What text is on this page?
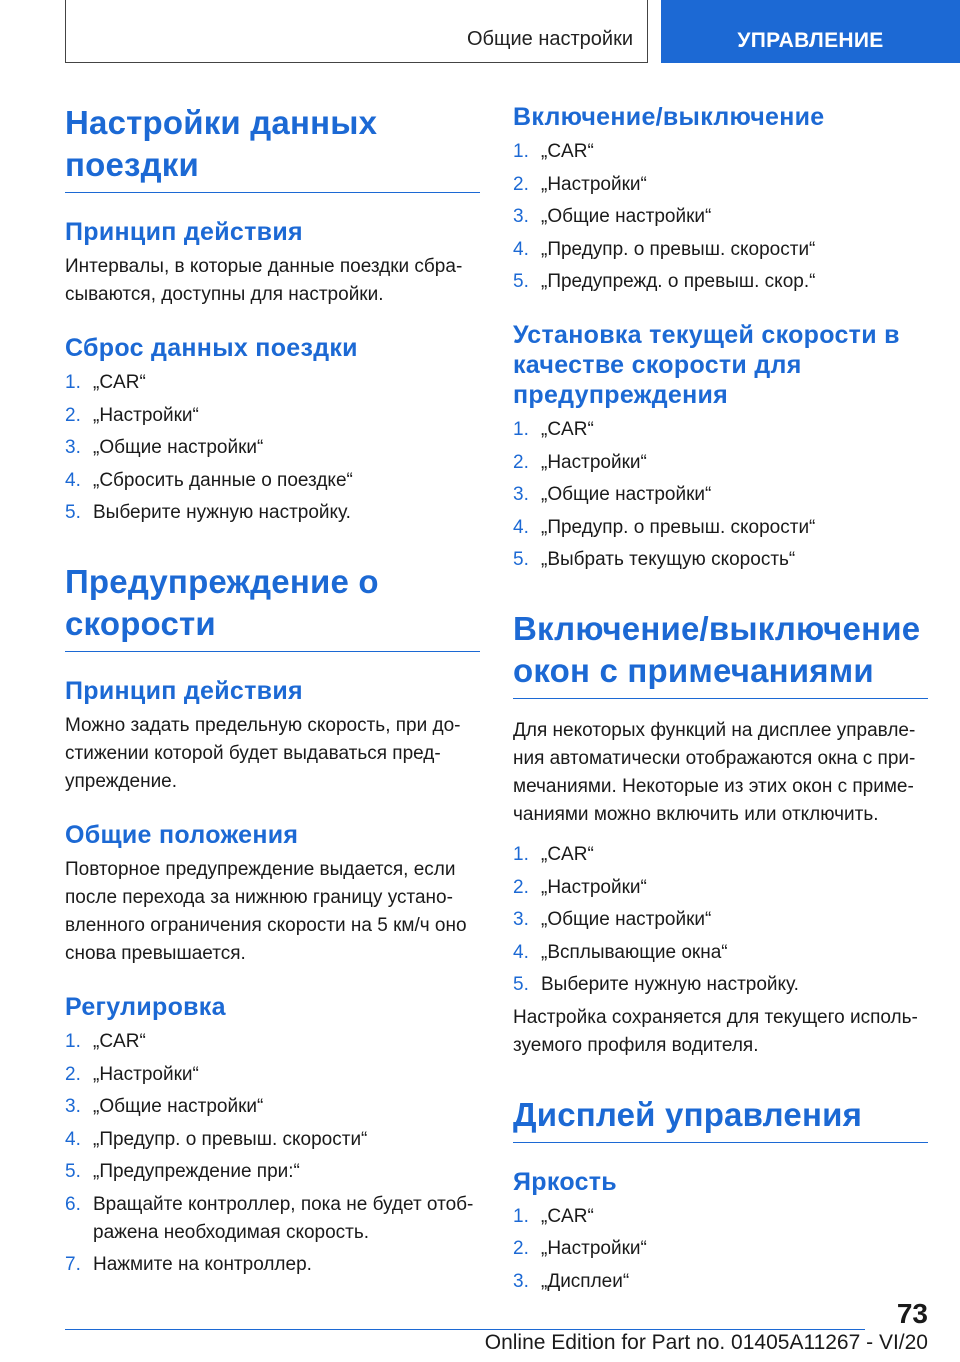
Общие настройки	УПРАВЛЕНИЕ
Настройки данных поездки
Принцип действия

Интервалы, в которые данные поездки сбра-сываются, доступны для настройки.

Сброс данных поездки
1. „CAR“
2. „Настройки“
3. „Общие настройки“
4. „Сбросить данные о поездке“
5. Выберите нужную настройку.
Предупреждение о скорости
Принцип действия

Можно задать предельную скорость, при до-стижении которой будет выдаваться пред-упреждение.

Общие положения

Повторное предупреждение выдается, если после перехода за нижнюю границу устано-вленного ограничения скорости на 5 км/ч оно снова превышается.

Регулировка
1. „CAR“
2. „Настройки“
3. „Общие настройки“
4. „Предупр. о превыш. скорости“
5. „Предупреждение при:“
6. Вращайте контроллер, пока не будет отоб-ражена необходимая скорость.
7. Нажмите на контроллер.
Включение/выключение
1. „CAR“
2. „Настройки“
3. „Общие настройки“
4. „Предупр. о превыш. скорости“
5. „Предупрежд. о превыш. скор.“
Установка текущей скорости в качестве скорости для предупреждения
1. „CAR“
2. „Настройки“
3. „Общие настройки“
4. „Предупр. о превыш. скорости“
5. „Выбрать текущую скорость“
Включение/выключение окон с примечаниями

Для некоторых функций на дисплее управле-ния автоматически отображаются окна с при-мечаниями. Некоторые из этих окон с приме-чаниями можно включить или отключить.

1. „CAR“
2. „Настройки“
3. „Общие настройки“
4. „Всплывающие окна“
5. Выберите нужную настройку.

Настройка сохраняется для текущего исполь-зуемого профиля водителя.

Дисплей управления
Яркость
1. „CAR“
2. „Настройки“
3. „Дисплеи“
73
Online Edition for Part no. 01405A11267 - VI/20
